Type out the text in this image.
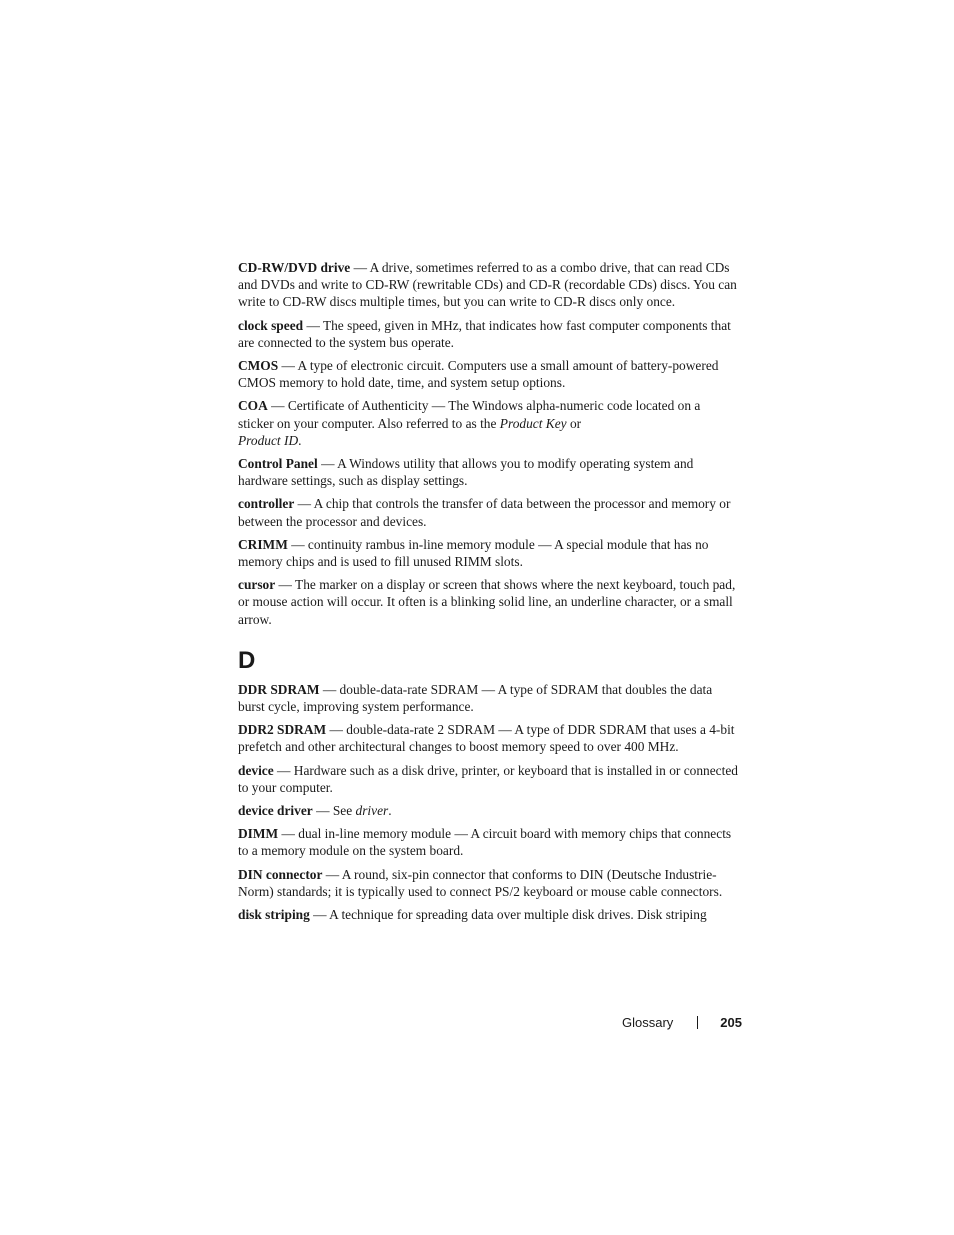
CD-RW/DVD drive — A drive, sometimes referred to as a combo drive, that can read CDs and DVDs and write to CD-RW (rewritable CDs) and CD-R (recordable CDs) discs. You can write to CD-RW discs multiple times, but you can write to CD-R discs only once.

clock speed — The speed, given in MHz, that indicates how fast computer components that are connected to the system bus operate.

CMOS — A type of electronic circuit. Computers use a small amount of battery-powered CMOS memory to hold date, time, and system setup options.

COA — Certificate of Authenticity — The Windows alpha-numeric code located on a sticker on your computer. Also referred to as the Product Key or
Product ID.

Control Panel — A Windows utility that allows you to modify operating system and hardware settings, such as display settings.

controller — A chip that controls the transfer of data between the processor and memory or between the processor and devices.

CRIMM — continuity rambus in-line memory module — A special module that has no memory chips and is used to fill unused RIMM slots.

cursor — The marker on a display or screen that shows where the next keyboard, touch pad, or mouse action will occur. It often is a blinking solid line, an underline character, or a small arrow.

D

DDR SDRAM — double-data-rate SDRAM — A type of SDRAM that doubles the data burst cycle, improving system performance.

DDR2 SDRAM — double-data-rate 2 SDRAM — A type of DDR SDRAM that uses a 4-bit prefetch and other architectural changes to boost memory speed to over 400 MHz.

device — Hardware such as a disk drive, printer, or keyboard that is installed in or connected to your computer.

device driver — See driver.

DIMM — dual in-line memory module — A circuit board with memory chips that connects to a memory module on the system board.

DIN connector — A round, six-pin connector that conforms to DIN (Deutsche Industrie-Norm) standards; it is typically used to connect PS/2 keyboard or mouse cable connectors.

disk striping — A technique for spreading data over multiple disk drives. Disk striping

Glossary	205
